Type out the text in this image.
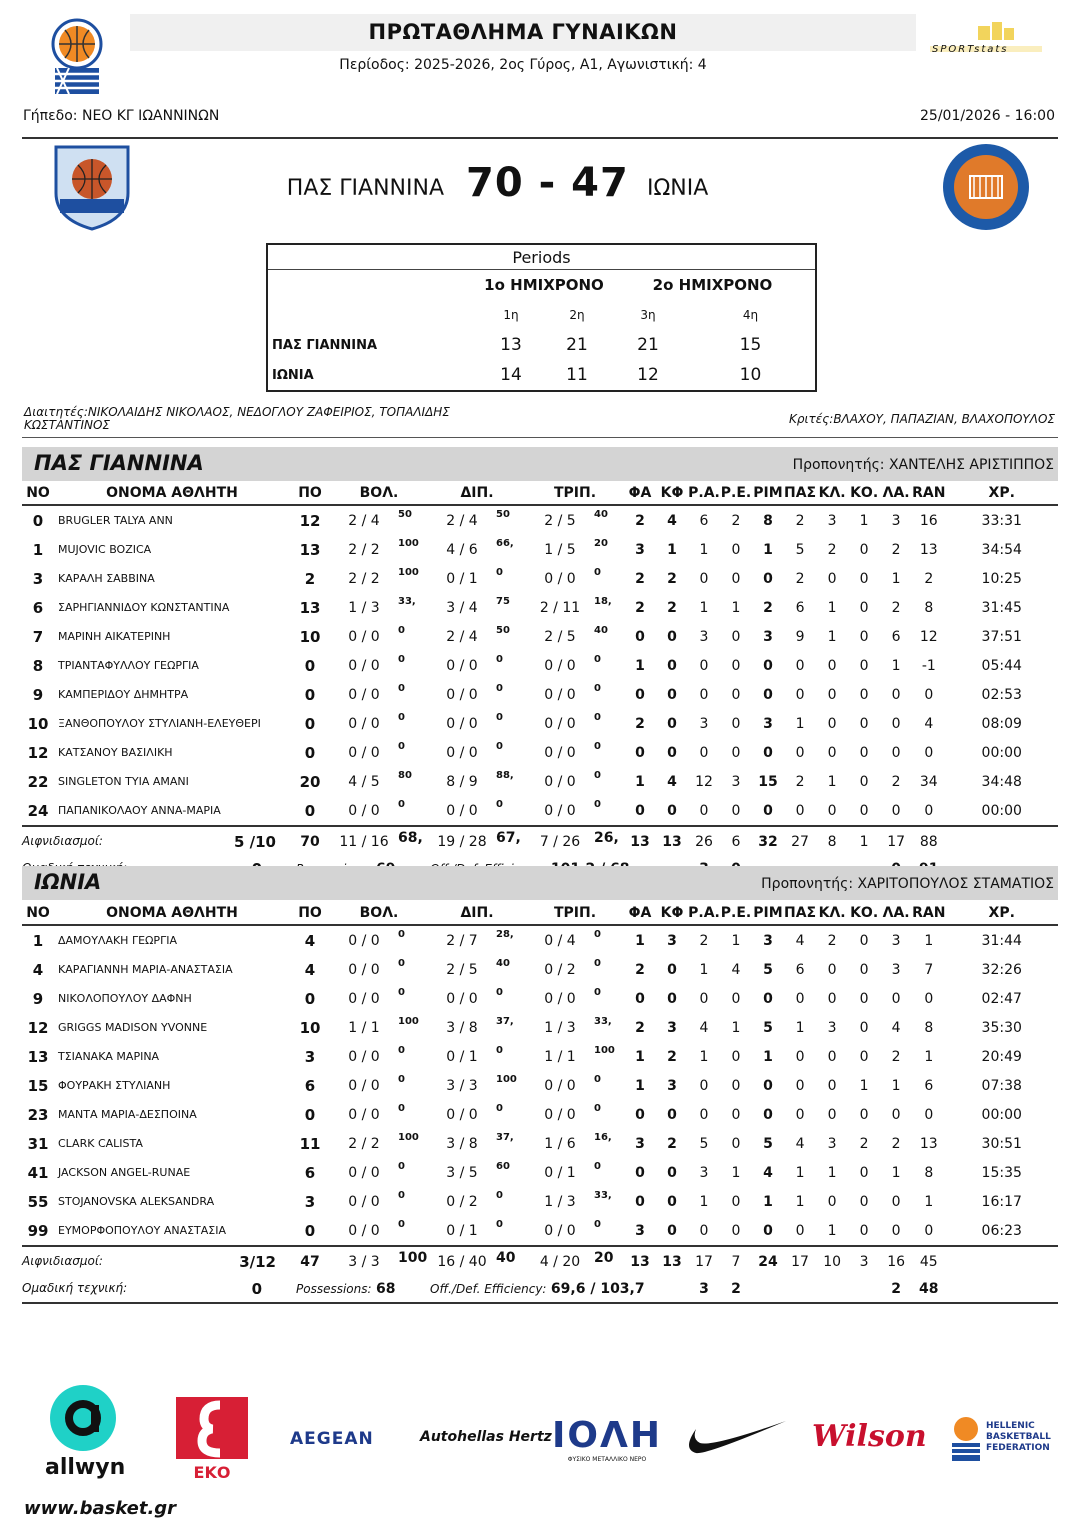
ΠΡΩΤΑΘΛΗΜΑ ΓΥΝΑΙΚΩΝ
Περίοδος: 2025-2026, 2ος Γύρος, A1, Αγωνιστική: 4
SPORTstats
Γήπεδο: ΝΕΟ ΚΓ ΙΩΑΝΝΙΝΩΝ	25/01/2026 - 16:00
ΠΑΣ ΓΙΑΝΝΙΝΑ 70 - 47 ΙΩΝΙΑ
Periods				
	1ο ΗΜΙΧΡΟΝΟ		2ο ΗΜΙΧΡΟΝΟ	
	1η	2η	3η	4η
ΠΑΣ ΓΙΑΝΝΙΝΑ	13	21	21	15
ΙΩΝΙΑ	14	11	12	10
Διαιτητές:ΝΙΚΟΛΑΙΔΗΣ ΝΙΚΟΛΑΟΣ, ΝΕΔΟΓΛΟΥ ΖΑΦΕΙΡΙΟΣ, ΤΟΠΑΛΙΔΗΣ ΚΩΣΤΑΝΤΙΝΟΣ	Κριτές:ΒΛΑΧΟΥ, ΠΑΠΑΖΙΑΝ, ΒΛΑΧΟΠΟΥΛΟΣ
ΠΑΣ ΓΙΑΝΝΙΝΑ	Προπονητής: ΧΑΝΤΕΛΗΣ ΑΡΙΣΤΙΠΠΟΣ
ΝΟ	ΟΝΟΜΑ ΑΘΛΗΤΗ	ΠΟ	ΒΟΛ.		ΔΙΠ.		ΤΡΙΠ.		ΦΑ	ΚΦ	Ρ.Α.	Ρ.Ε.	ΡΙΜ	ΠΑΣ	ΚΛ.	ΚΟ.	ΛΑ.	RAN	ΧΡ.
0	BRUGLER TALYA ANN	12	2 / 4	50	2 / 4	50	2 / 5	40	2	4	6	2	8	2	3	1	3	16	33:31
1	MUJOVIC BOZICA	13	2 / 2	100	4 / 6	66,	1 / 5	20	3	1	1	0	1	5	2	0	2	13	34:54
3	ΚΑΡΑΛΗ ΣΑΒΒΙΝΑ	2	2 / 2	100	0 / 1	0	0 / 0	0	2	2	0	0	0	2	0	0	1	2	10:25
6	ΣΑΡΗΓΙΑΝΝΙΔΟΥ ΚΩΝΣΤΑΝΤΙΝΑ	13	1 / 3	33,	3 / 4	75	2 / 11	18,	2	2	1	1	2	6	1	0	2	8	31:45
7	ΜΑΡΙΝΗ ΑΙΚΑΤΕΡΙΝΗ	10	0 / 0	0	2 / 4	50	2 / 5	40	0	0	3	0	3	9	1	0	6	12	37:51
8	ΤΡΙΑΝΤΑΦΥΛΛΟΥ ΓΕΩΡΓΙΑ	0	0 / 0	0	0 / 0	0	0 / 0	0	1	0	0	0	0	0	0	0	1	-1	05:44
9	ΚΑΜΠΕΡΙΔΟΥ ΔΗΜΗΤΡΑ	0	0 / 0	0	0 / 0	0	0 / 0	0	0	0	0	0	0	0	0	0	0	0	02:53
10	ΞΑΝΘΟΠΟΥΛΟΥ ΣΤΥΛΙΑΝΗ-ΕΛΕΥΘΕΡΙ	0	0 / 0	0	0 / 0	0	0 / 0	0	2	0	3	0	3	1	0	0	0	4	08:09
12	ΚΑΤΣΑΝΟΥ ΒΑΣΙΛΙΚΗ	0	0 / 0	0	0 / 0	0	0 / 0	0	0	0	0	0	0	0	0	0	0	0	00:00
22	SINGLETON TYIA AMANI	20	4 / 5	80	8 / 9	88,	0 / 0	0	1	4	12	3	15	2	1	0	2	34	34:48
24	ΠΑΠΑΝΙΚΟΛΑΟΥ ΑΝΝΑ-ΜΑΡΙΑ	0	0 / 0	0	0 / 0	0	0 / 0	0	0	0	0	0	0	0	0	0	0	0	00:00
Αιφνιδιασμοί: 5 /10		70	11 / 16	68,	19 / 28	67,	7 / 26	26,	13	13	26	6	32	27	8	1	17	88	

ΙΩΝΙΑ	Προπονητής: ΧΑΡΙΤΟΠΟΥΛΟΣ ΣΤΑΜΑΤΙΟΣ
ΝΟ	ΟΝΟΜΑ ΑΘΛΗΤΗ	ΠΟ	ΒΟΛ.		ΔΙΠ.		ΤΡΙΠ.		ΦΑ	ΚΦ	Ρ.Α.	Ρ.Ε.	ΡΙΜ	ΠΑΣ	ΚΛ.	ΚΟ.	ΛΑ.	RAN	ΧΡ.
1	ΔΑΜΟΥΛΑΚΗ ΓΕΩΡΓΙΑ	4	0 / 0	0	2 / 7	28,	0 / 4	0	1	3	2	1	3	4	2	0	3	1	31:44
4	ΚΑΡΑΓΙΑΝΝΗ ΜΑΡΙΑ-ΑΝΑΣΤΑΣΙΑ	4	0 / 0	0	2 / 5	40	0 / 2	0	2	0	1	4	5	6	0	0	3	7	32:26
9	ΝΙΚΟΛΟΠΟΥΛΟΥ ΔΑΦΝΗ	0	0 / 0	0	0 / 0	0	0 / 0	0	0	0	0	0	0	0	0	0	0	0	02:47
12	GRIGGS MADISON YVONNE	10	1 / 1	100	3 / 8	37,	1 / 3	33,	2	3	4	1	5	1	3	0	4	8	35:30
13	ΤΣΙΑΝΑΚΑ ΜΑΡΙΝΑ	3	0 / 0	0	0 / 1	0	1 / 1	100	1	2	1	0	1	0	0	0	2	1	20:49
15	ΦΟΥΡΑΚΗ ΣΤΥΛΙΑΝΗ	6	0 / 0	0	3 / 3	100	0 / 0	0	1	3	0	0	0	0	0	1	1	6	07:38
23	ΜΑΝΤΑ ΜΑΡΙΑ-ΔΕΣΠΟΙΝΑ	0	0 / 0	0	0 / 0	0	0 / 0	0	0	0	0	0	0	0	0	0	0	0	00:00
31	CLARK CALISTA	11	2 / 2	100	3 / 8	37,	1 / 6	16,	3	2	5	0	5	4	3	2	2	13	30:51
41	JACKSON ANGEL-RUNAE	6	0 / 0	0	3 / 5	60	0 / 1	0	0	0	3	1	4	1	1	0	1	8	15:35
55	STOJANOVSKA ALEKSANDRA	3	0 / 0	0	0 / 2	0	1 / 3	33,	0	0	1	0	1	1	0	0	0	1	16:17
99	ΕΥΜΟΡΦΟΠΟΥΛΟΥ ΑΝΑΣΤΑΣΙΑ	0	0 / 0	0	0 / 1	0	0 / 0	0	3	0	0	0	0	0	1	0	0	0	06:23
Αιφνιδιασμοί: 3/12		47	3 / 3	100	16 / 40	40	4 / 20	20	13	13	17	7	24	17	10	3	16	45	
Ομαδική τεχνική: 0		Possessions: 68			Off./Def. Efficiency: 69,6 / 103,7						3	2					2	48	
allwyn	ΕΚΟ
AEGEAN	Autohellas Hertz ΙΟΛΗ
ΦΥΣΙΚΟ ΜΕΤΑΛΛΙΚΟ ΝΕΡΟ
Wilson	HELLENIC BASKETBALL FEDERATION
www.basket.gr
